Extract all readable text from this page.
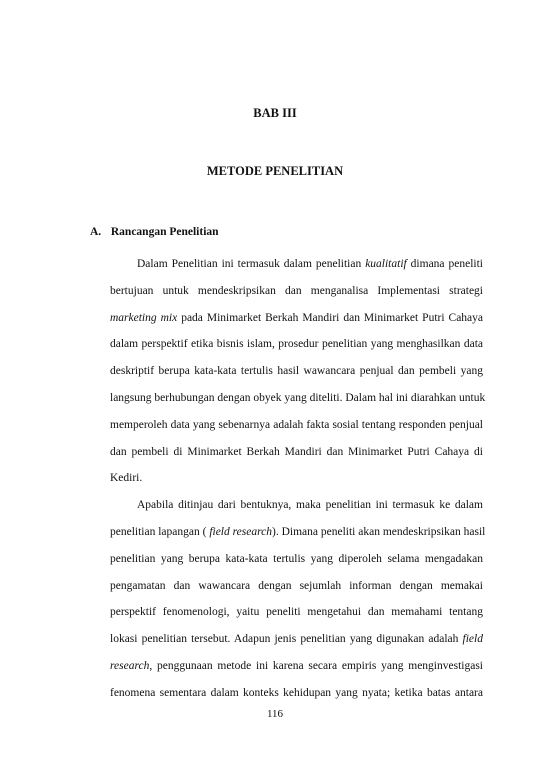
BAB III
METODE PENELITIAN
A. Rancangan Penelitian
Dalam Penelitian ini termasuk dalam penelitian kualitatif dimana peneliti
bertujuan untuk mendeskripsikan dan menganalisa Implementasi strategi
marketing mix pada Minimarket Berkah Mandiri dan Minimarket Putri Cahaya
dalam perspektif etika bisnis islam, prosedur penelitian yang menghasilkan data
deskriptif berupa kata-kata tertulis hasil wawancara penjual dan pembeli yang
langsung berhubungan dengan obyek yang diteliti. Dalam hal ini diarahkan untuk
memperoleh data yang sebenarnya adalah fakta sosial tentang responden penjual
dan pembeli di Minimarket Berkah Mandiri dan Minimarket Putri Cahaya di
Kediri.
Apabila ditinjau dari bentuknya, maka penelitian ini termasuk ke dalam
penelitian lapangan ( field research). Dimana peneliti akan mendeskripsikan hasil
penelitian yang berupa kata-kata tertulis yang diperoleh selama mengadakan
pengamatan dan wawancara dengan sejumlah informan dengan memakai
perspektif fenomenologi, yaitu peneliti mengetahui dan memahami tentang
lokasi penelitian tersebut. Adapun jenis penelitian yang digunakan adalah field
research, penggunaan metode ini karena secara empiris yang menginvestigasi
fenomena sementara dalam konteks kehidupan yang nyata; ketika batas antara
116
